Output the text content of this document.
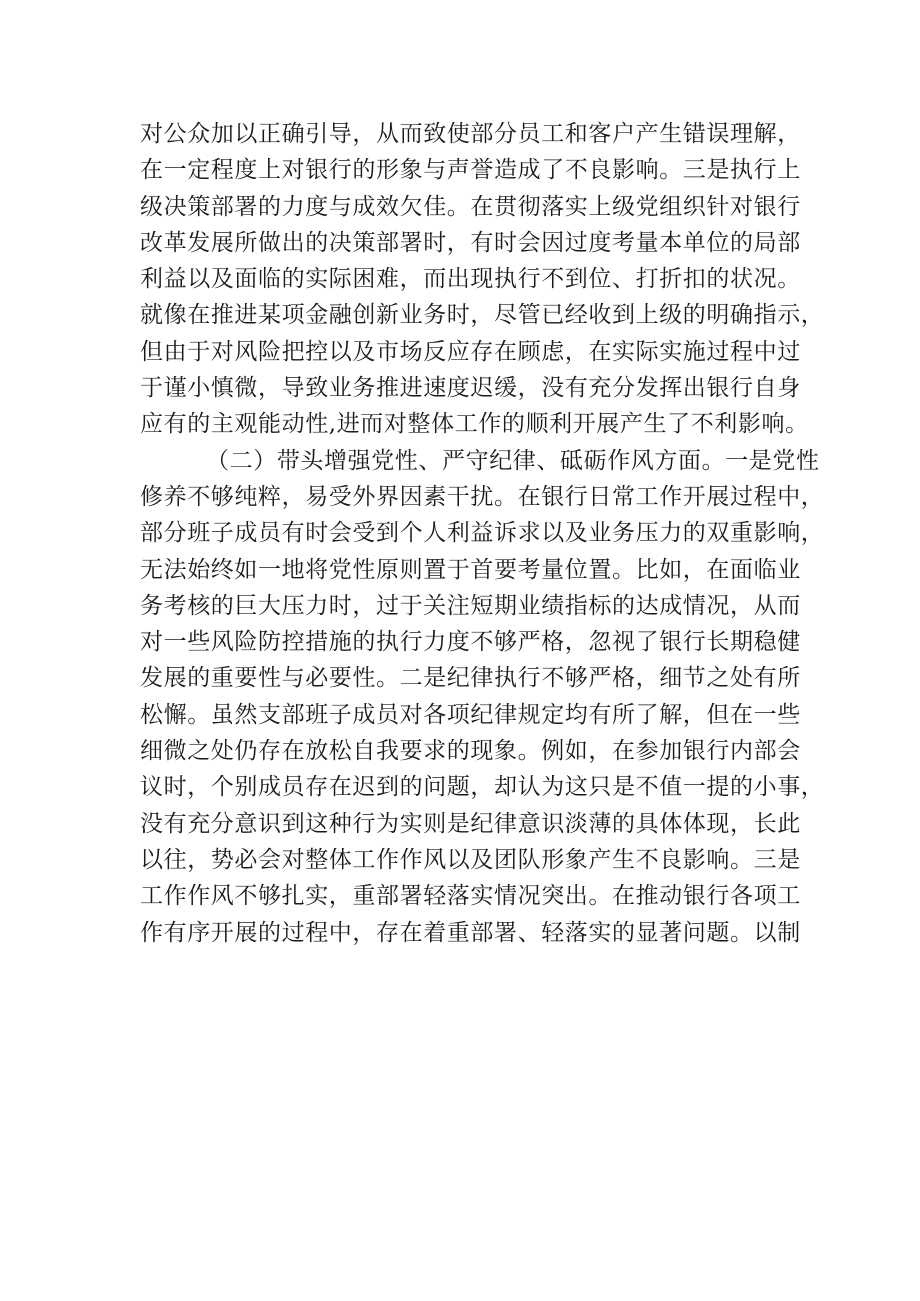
对公众加以正确引导，从而致使部分员工和客户产生错误理解，
在一定程度上对银行的形象与声誉造成了不良影响。三是执行上
级决策部署的力度与成效欠佳。在贯彻落实上级党组织针对银行
改革发展所做出的决策部署时，有时会因过度考量本单位的局部
利益以及面临的实际困难，而出现执行不到位、打折扣的状况。
就像在推进某项金融创新业务时，尽管已经收到上级的明确指示，
但由于对风险把控以及市场反应存在顾虑，在实际实施过程中过
于谨小慎微，导致业务推进速度迟缓，没有充分发挥出银行自身
应有的主观能动性,进而对整体工作的顺利开展产生了不利影响。
（二）带头增强党性、严守纪律、砥砺作风方面。一是党性
修养不够纯粹，易受外界因素干扰。在银行日常工作开展过程中，
部分班子成员有时会受到个人利益诉求以及业务压力的双重影响，
无法始终如一地将党性原则置于首要考量位置。比如，在面临业
务考核的巨大压力时，过于关注短期业绩指标的达成情况，从而
对一些风险防控措施的执行力度不够严格，忽视了银行长期稳健
发展的重要性与必要性。二是纪律执行不够严格，细节之处有所
松懈。虽然支部班子成员对各项纪律规定均有所了解，但在一些
细微之处仍存在放松自我要求的现象。例如，在参加银行内部会
议时，个别成员存在迟到的问题，却认为这只是不值一提的小事，
没有充分意识到这种行为实则是纪律意识淡薄的具体体现，长此
以往，势必会对整体工作作风以及团队形象产生不良影响。三是
工作作风不够扎实，重部署轻落实情况突出。在推动银行各项工
作有序开展的过程中，存在着重部署、轻落实的显著问题。以制
